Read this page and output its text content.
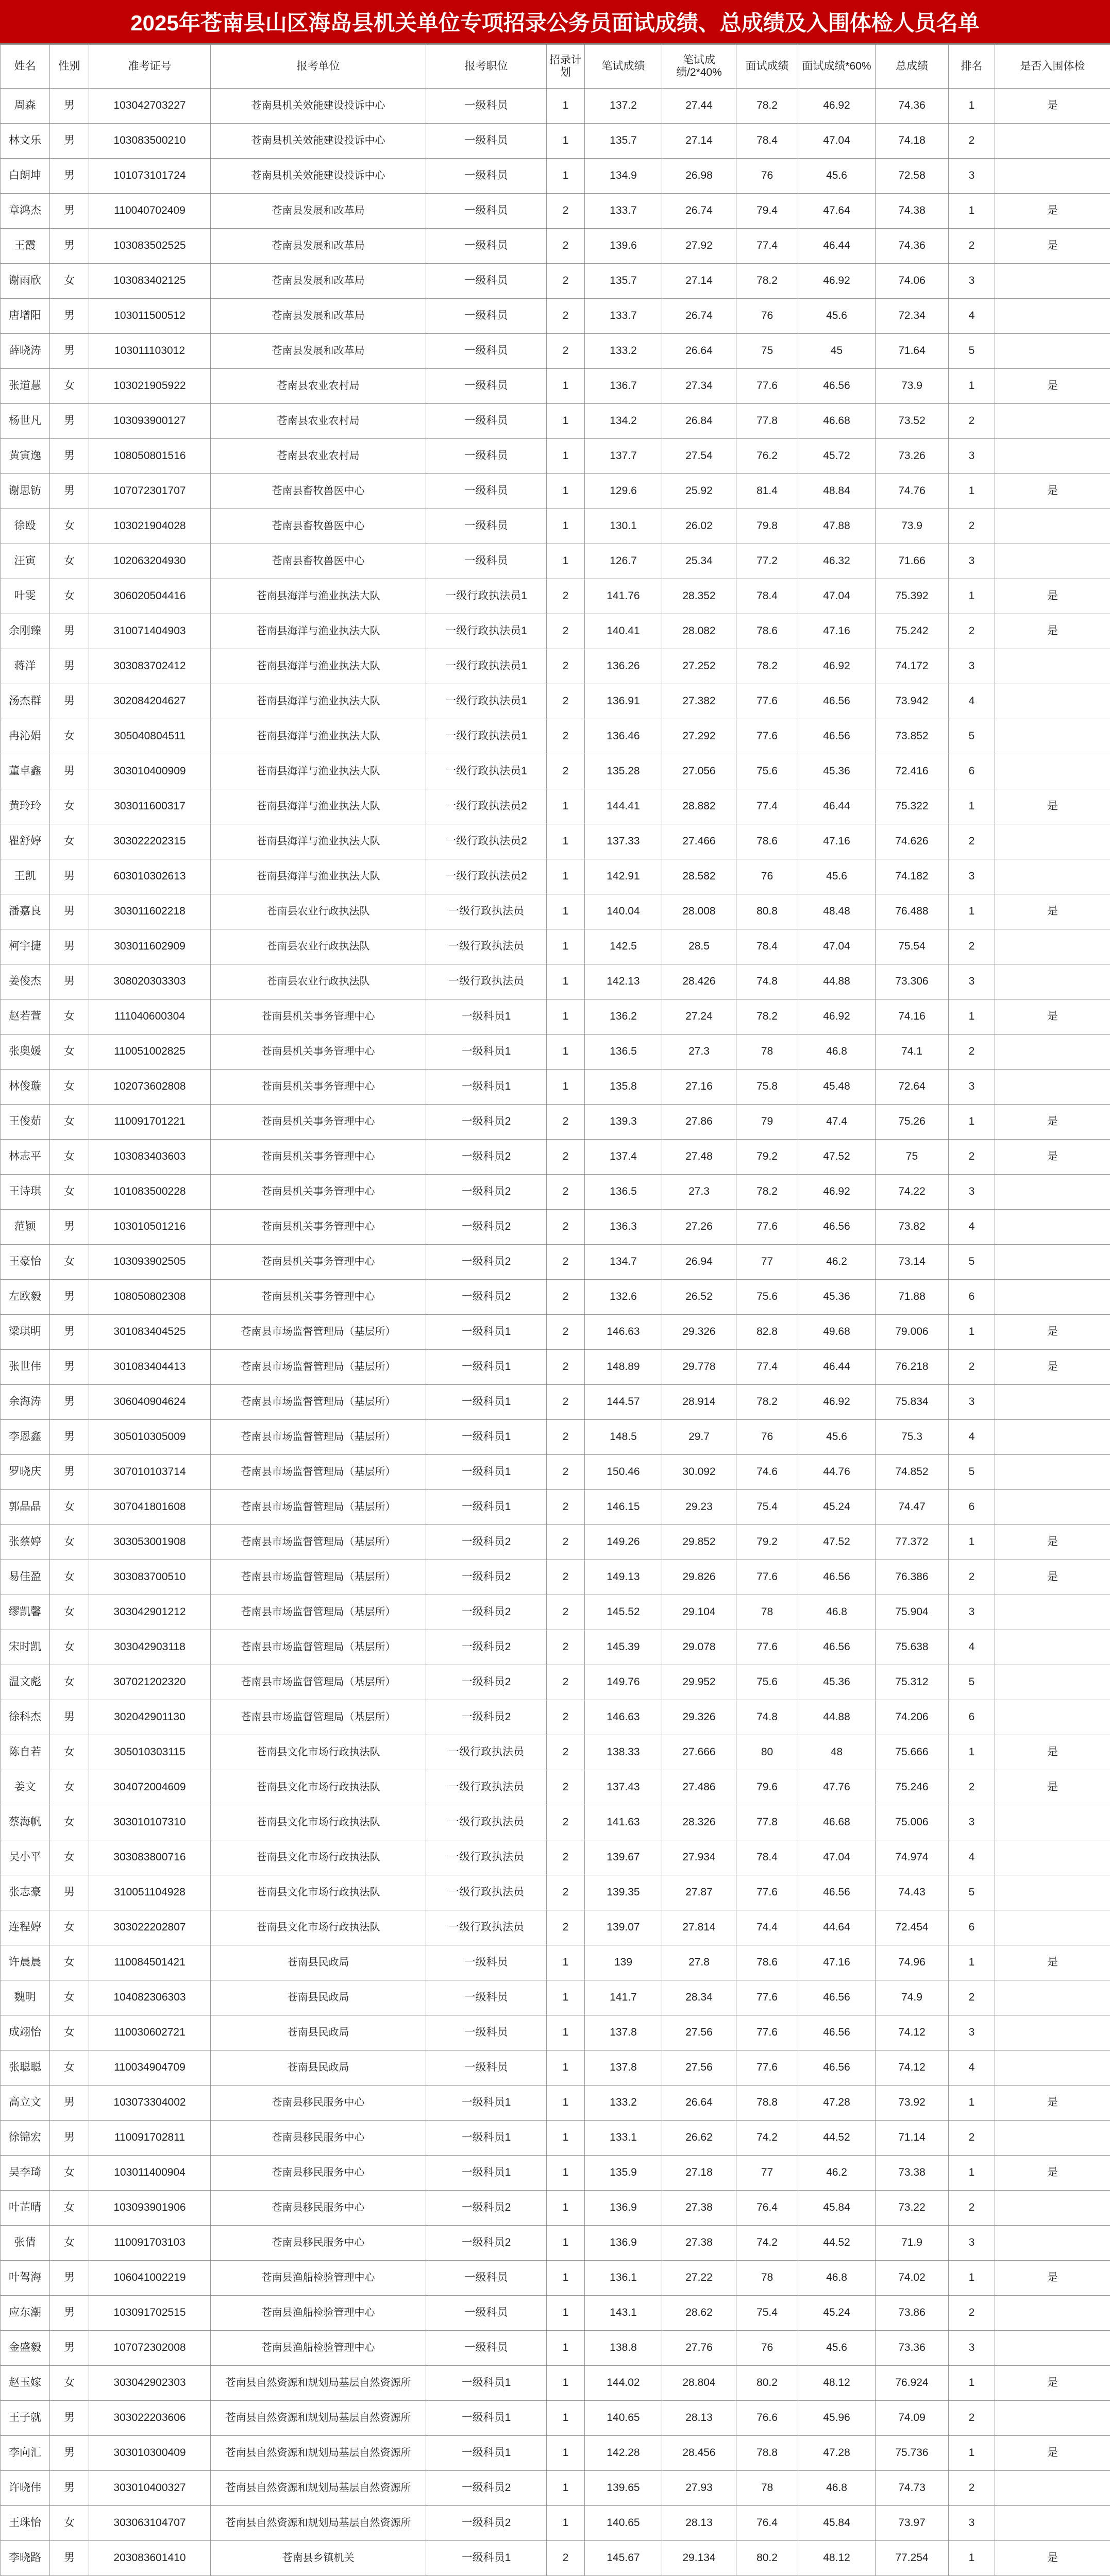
2025年苍南县山区海岛县机关单位专项招录公务员面试成绩、总成绩及入围体检人员名单
姓名	性别	准考证号	报考单位	报考职位	招录计划	笔试成绩	笔试成绩/2*40%	面试成绩	面试成绩*60%	总成绩	排名	是否入围体检
周森	男	103042703227	苍南县机关效能建设投诉中心	一级科员	1	137.2	27.44	78.2	46.92	74.36	1	是
林文乐	男	103083500210	苍南县机关效能建设投诉中心	一级科员	1	135.7	27.14	78.4	47.04	74.18	2	
白朗坤	男	101073101724	苍南县机关效能建设投诉中心	一级科员	1	134.9	26.98	76	45.6	72.58	3	
章鸿杰	男	110040702409	苍南县发展和改革局	一级科员	2	133.7	26.74	79.4	47.64	74.38	1	是
王霞	男	103083502525	苍南县发展和改革局	一级科员	2	139.6	27.92	77.4	46.44	74.36	2	是
谢雨欣	女	103083402125	苍南县发展和改革局	一级科员	2	135.7	27.14	78.2	46.92	74.06	3	
唐增阳	男	103011500512	苍南县发展和改革局	一级科员	2	133.7	26.74	76	45.6	72.34	4	
薛晓涛	男	103011103012	苍南县发展和改革局	一级科员	2	133.2	26.64	75	45	71.64	5	
张道慧	女	103021905922	苍南县农业农村局	一级科员	1	136.7	27.34	77.6	46.56	73.9	1	是
杨世凡	男	103093900127	苍南县农业农村局	一级科员	1	134.2	26.84	77.8	46.68	73.52	2	
黄寅逸	男	108050801516	苍南县农业农村局	一级科员	1	137.7	27.54	76.2	45.72	73.26	3	
谢思钫	男	107072301707	苍南县畜牧兽医中心	一级科员	1	129.6	25.92	81.4	48.84	74.76	1	是
徐殴	女	103021904028	苍南县畜牧兽医中心	一级科员	1	130.1	26.02	79.8	47.88	73.9	2	
汪寅	女	102063204930	苍南县畜牧兽医中心	一级科员	1	126.7	25.34	77.2	46.32	71.66	3	
叶雯	女	306020504416	苍南县海洋与渔业执法大队	一级行政执法员1	2	141.76	28.352	78.4	47.04	75.392	1	是
余刚臻	男	310071404903	苍南县海洋与渔业执法大队	一级行政执法员1	2	140.41	28.082	78.6	47.16	75.242	2	是
蒋洋	男	303083702412	苍南县海洋与渔业执法大队	一级行政执法员1	2	136.26	27.252	78.2	46.92	74.172	3	
汤杰群	男	302084204627	苍南县海洋与渔业执法大队	一级行政执法员1	2	136.91	27.382	77.6	46.56	73.942	4	
冉沁娟	女	305040804511	苍南县海洋与渔业执法大队	一级行政执法员1	2	136.46	27.292	77.6	46.56	73.852	5	
董卓鑫	男	303010400909	苍南县海洋与渔业执法大队	一级行政执法员1	2	135.28	27.056	75.6	45.36	72.416	6	
黄玲玲	女	303011600317	苍南县海洋与渔业执法大队	一级行政执法员2	1	144.41	28.882	77.4	46.44	75.322	1	是
瞿舒婷	女	303022202315	苍南县海洋与渔业执法大队	一级行政执法员2	1	137.33	27.466	78.6	47.16	74.626	2	
王凯	男	603010302613	苍南县海洋与渔业执法大队	一级行政执法员2	1	142.91	28.582	76	45.6	74.182	3	
潘嘉良	男	303011602218	苍南县农业行政执法队	一级行政执法员	1	140.04	28.008	80.8	48.48	76.488	1	是
柯宇捷	男	303011602909	苍南县农业行政执法队	一级行政执法员	1	142.5	28.5	78.4	47.04	75.54	2	
姜俊杰	男	308020303303	苍南县农业行政执法队	一级行政执法员	1	142.13	28.426	74.8	44.88	73.306	3	
赵若萱	女	111040600304	苍南县机关事务管理中心	一级科员1	1	136.2	27.24	78.2	46.92	74.16	1	是
张奥媛	女	110051002825	苍南县机关事务管理中心	一级科员1	1	136.5	27.3	78	46.8	74.1	2	
林俊璇	女	102073602808	苍南县机关事务管理中心	一级科员1	1	135.8	27.16	75.8	45.48	72.64	3	
王俊茹	女	110091701221	苍南县机关事务管理中心	一级科员2	2	139.3	27.86	79	47.4	75.26	1	是
林志平	女	103083403603	苍南县机关事务管理中心	一级科员2	2	137.4	27.48	79.2	47.52	75	2	是
王诗琪	女	101083500228	苍南县机关事务管理中心	一级科员2	2	136.5	27.3	78.2	46.92	74.22	3	
范颖	男	103010501216	苍南县机关事务管理中心	一级科员2	2	136.3	27.26	77.6	46.56	73.82	4	
王豪怡	女	103093902505	苍南县机关事务管理中心	一级科员2	2	134.7	26.94	77	46.2	73.14	5	
左欧毅	男	108050802308	苍南县机关事务管理中心	一级科员2	2	132.6	26.52	75.6	45.36	71.88	6	
梁琪明	男	301083404525	苍南县市场监督管理局（基层所）	一级科员1	2	146.63	29.326	82.8	49.68	79.006	1	是
张世伟	男	301083404413	苍南县市场监督管理局（基层所）	一级科员1	2	148.89	29.778	77.4	46.44	76.218	2	是
余海涛	男	306040904624	苍南县市场监督管理局（基层所）	一级科员1	2	144.57	28.914	78.2	46.92	75.834	3	
李恩鑫	男	305010305009	苍南县市场监督管理局（基层所）	一级科员1	2	148.5	29.7	76	45.6	75.3	4	
罗晓庆	男	307010103714	苍南县市场监督管理局（基层所）	一级科员1	2	150.46	30.092	74.6	44.76	74.852	5	
郭晶晶	女	307041801608	苍南县市场监督管理局（基层所）	一级科员1	2	146.15	29.23	75.4	45.24	74.47	6	
张蔡婷	女	303053001908	苍南县市场监督管理局（基层所）	一级科员2	2	149.26	29.852	79.2	47.52	77.372	1	是
易佳盈	女	303083700510	苍南县市场监督管理局（基层所）	一级科员2	2	149.13	29.826	77.6	46.56	76.386	2	是
缪凯馨	女	303042901212	苍南县市场监督管理局（基层所）	一级科员2	2	145.52	29.104	78	46.8	75.904	3	
宋时凯	女	303042903118	苍南县市场监督管理局（基层所）	一级科员2	2	145.39	29.078	77.6	46.56	75.638	4	
温文彪	女	307021202320	苍南县市场监督管理局（基层所）	一级科员2	2	149.76	29.952	75.6	45.36	75.312	5	
徐科杰	男	302042901130	苍南县市场监督管理局（基层所）	一级科员2	2	146.63	29.326	74.8	44.88	74.206	6	
陈自若	女	305010303115	苍南县文化市场行政执法队	一级行政执法员	2	138.33	27.666	80	48	75.666	1	是
姜文	女	304072004609	苍南县文化市场行政执法队	一级行政执法员	2	137.43	27.486	79.6	47.76	75.246	2	是
蔡海帆	女	303010107310	苍南县文化市场行政执法队	一级行政执法员	2	141.63	28.326	77.8	46.68	75.006	3	
吴小平	女	303083800716	苍南县文化市场行政执法队	一级行政执法员	2	139.67	27.934	78.4	47.04	74.974	4	
张志豪	男	310051104928	苍南县文化市场行政执法队	一级行政执法员	2	139.35	27.87	77.6	46.56	74.43	5	
连程婷	女	303022202807	苍南县文化市场行政执法队	一级行政执法员	2	139.07	27.814	74.4	44.64	72.454	6	
许晨晨	女	110084501421	苍南县民政局	一级科员	1	139	27.8	78.6	47.16	74.96	1	是
魏明	女	104082306303	苍南县民政局	一级科员	1	141.7	28.34	77.6	46.56	74.9	2	
成翊怡	女	110030602721	苍南县民政局	一级科员	1	137.8	27.56	77.6	46.56	74.12	3	
张聪聪	女	110034904709	苍南县民政局	一级科员	1	137.8	27.56	77.6	46.56	74.12	4	
高立文	男	103073304002	苍南县移民服务中心	一级科员1	1	133.2	26.64	78.8	47.28	73.92	1	是
徐锦宏	男	110091702811	苍南县移民服务中心	一级科员1	1	133.1	26.62	74.2	44.52	71.14	2	
吴李琦	女	103011400904	苍南县移民服务中心	一级科员1	1	135.9	27.18	77	46.2	73.38	1	是
叶芷晴	女	103093901906	苍南县移民服务中心	一级科员2	1	136.9	27.38	76.4	45.84	73.22	2	
张倩	女	110091703103	苍南县移民服务中心	一级科员2	1	136.9	27.38	74.2	44.52	71.9	3	
叶驾海	男	106041002219	苍南县渔船检验管理中心	一级科员	1	136.1	27.22	78	46.8	74.02	1	是
应东潮	男	103091702515	苍南县渔船检验管理中心	一级科员	1	143.1	28.62	75.4	45.24	73.86	2	
金盛毅	男	107072302008	苍南县渔船检验管理中心	一级科员	1	138.8	27.76	76	45.6	73.36	3	
赵玉嫁	女	303042902303	苍南县自然资源和规划局基层自然资源所	一级科员1	1	144.02	28.804	80.2	48.12	76.924	1	是
王子就	男	303022203606	苍南县自然资源和规划局基层自然资源所	一级科员1	1	140.65	28.13	76.6	45.96	74.09	2	
李向汇	男	303010300409	苍南县自然资源和规划局基层自然资源所	一级科员1	1	142.28	28.456	78.8	47.28	75.736	1	是
许晓伟	男	303010400327	苍南县自然资源和规划局基层自然资源所	一级科员2	1	139.65	27.93	78	46.8	74.73	2	
王珠怡	女	303063104707	苍南县自然资源和规划局基层自然资源所	一级科员2	1	140.65	28.13	76.4	45.84	73.97	3	
李晓路	男	203083601410	苍南县乡镇机关	一级科员1	2	145.67	29.134	80.2	48.12	77.254	1	是
